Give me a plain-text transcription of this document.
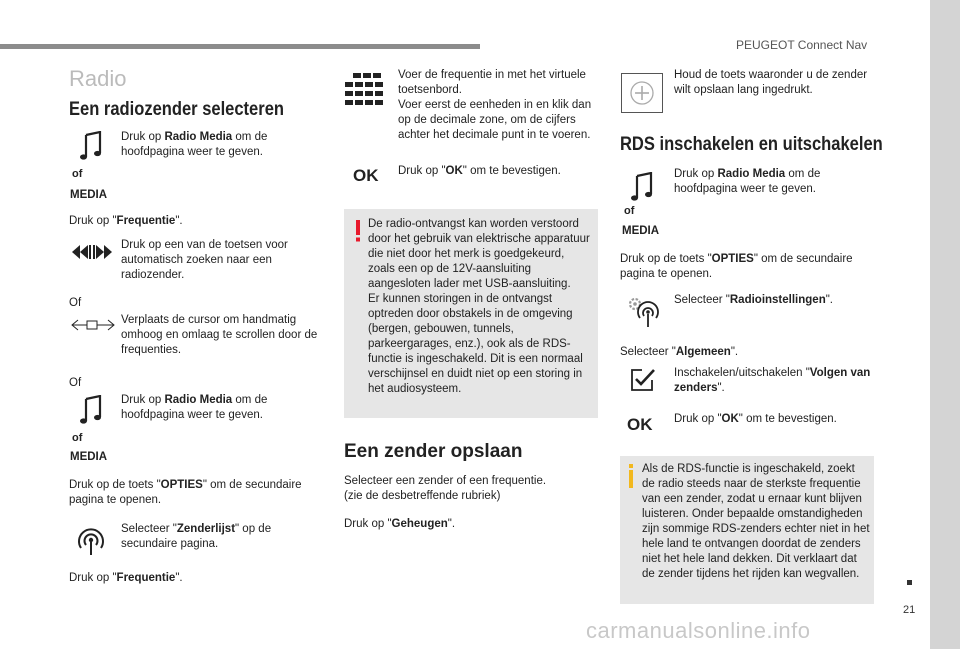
PEUGEOT Connect Nav
21
carmanualsonline.info
Radio
Een radiozender selecteren
of
MEDIA
Druk op Radio Media om de hoofdpagina weer te geven.
Druk op "Frequentie".
Druk op een van de toetsen voor automatisch zoeken naar een radiozender.
Of
Verplaats de cursor om handmatig omhoog en omlaag te scrollen door de frequenties.
Of
of
MEDIA
Druk op Radio Media om de hoofdpagina weer te geven.
Druk op de toets "OPTIES" om de secundaire pagina te openen.
Selecteer "Zenderlijst" op de secundaire pagina.
Druk op "Frequentie".
Voer de frequentie in met het virtuele toetsenbord.
Voer eerst de eenheden in en klik dan op de decimale zone, om de cijfers achter het decimale punt in te voeren.
OK Druk op "OK" om te bevestigen.
De radio-ontvangst kan worden verstoord door het gebruik van elektrische apparatuur die niet door het merk is goedgekeurd, zoals een op de 12V-aansluiting aangesloten lader met USB-aansluiting.
Er kunnen storingen in de ontvangst optreden door obstakels in de omgeving (bergen, gebouwen, tunnels, parkeergarages, enz.), ook als de RDS-functie is ingeschakeld. Dit is een normaal verschijnsel en duidt niet op een storing in het audiosysteem.
Een zender opslaan
Selecteer een zender of een frequentie.
(zie de desbetreffende rubriek)
Druk op "Geheugen".
Houd de toets waaronder u de zender wilt opslaan lang ingedrukt.
RDS inschakelen en uitschakelen
of
MEDIA
Druk op Radio Media om de hoofdpagina weer te geven.
Druk op de toets "OPTIES" om de secundaire pagina te openen.
Selecteer "Radioinstellingen".
Selecteer "Algemeen".
Inschakelen/uitschakelen "Volgen van zenders".
OK Druk op "OK" om te bevestigen.
Als de RDS-functie is ingeschakeld, zoekt de radio steeds naar de sterkste frequentie van een zender, zodat u ernaar kunt blijven luisteren. Onder bepaalde omstandigheden zijn sommige RDS-zenders echter niet in het hele land te ontvangen doordat de zenders niet het hele land dekken. Dit verklaart dat de zender tijdens het rijden kan wegvallen.
